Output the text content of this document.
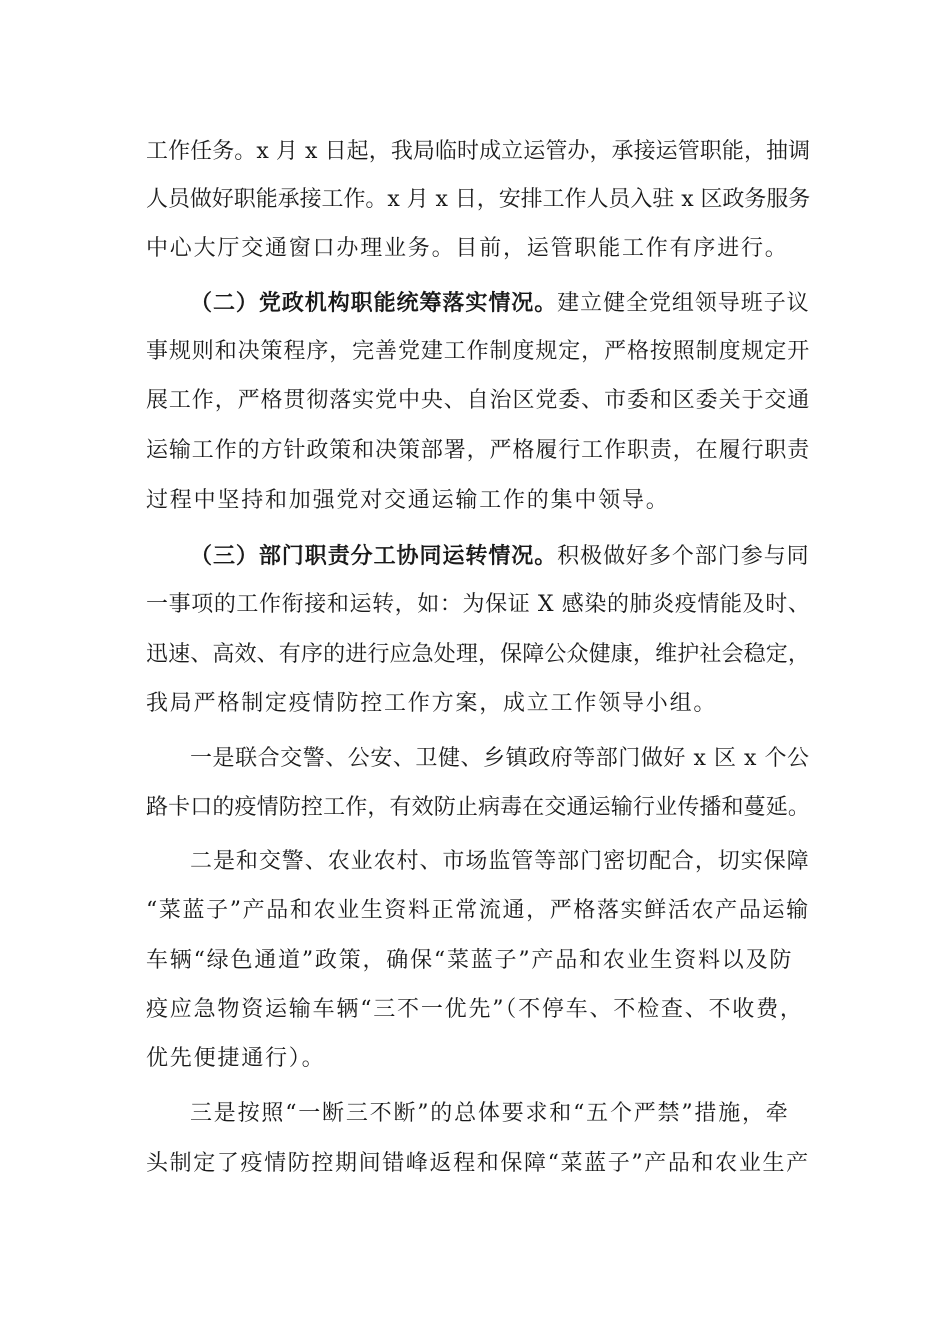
工作任务。x 月 x 日起，我局临时成立运管办，承接运管职能，抽调
人员做好职能承接工作。x 月 x 日，安排工作人员入驻 x 区政务服务
中心大厅交通窗口办理业务。目前，运管职能工作有序进行。
（二）党政机构职能统筹落实情况。建立健全党组领导班子议
事规则和决策程序，完善党建工作制度规定，严格按照制度规定开
展工作，严格贯彻落实党中央、自治区党委、市委和区委关于交通
运输工作的方针政策和决策部署，严格履行工作职责，在履行职责
过程中坚持和加强党对交通运输工作的集中领导。
（三）部门职责分工协同运转情况。积极做好多个部门参与同
一事项的工作衔接和运转，如：为保证 X 感染的肺炎疫情能及时、
迅速、高效、有序的进行应急处理，保障公众健康，维护社会稳定，
我局严格制定疫情防控工作方案，成立工作领导小组。
一是联合交警、公安、卫健、乡镇政府等部门做好 x 区 x 个公
路卡口的疫情防控工作，有效防止病毒在交通运输行业传播和蔓延。
二是和交警、农业农村、市场监管等部门密切配合，切实保障
“菜蓝子”产品和农业生资料正常流通，严格落实鲜活农产品运输
车辆“绿色通道”政策，确保“菜蓝子”产品和农业生资料以及防
疫应急物资运输车辆“三不一优先”（不停车、不检查、不收费，
优先便捷通行）。
三是按照“一断三不断”的总体要求和“五个严禁”措施，牵
头制定了疫情防控期间错峰返程和保障“菜蓝子”产品和农业生产
